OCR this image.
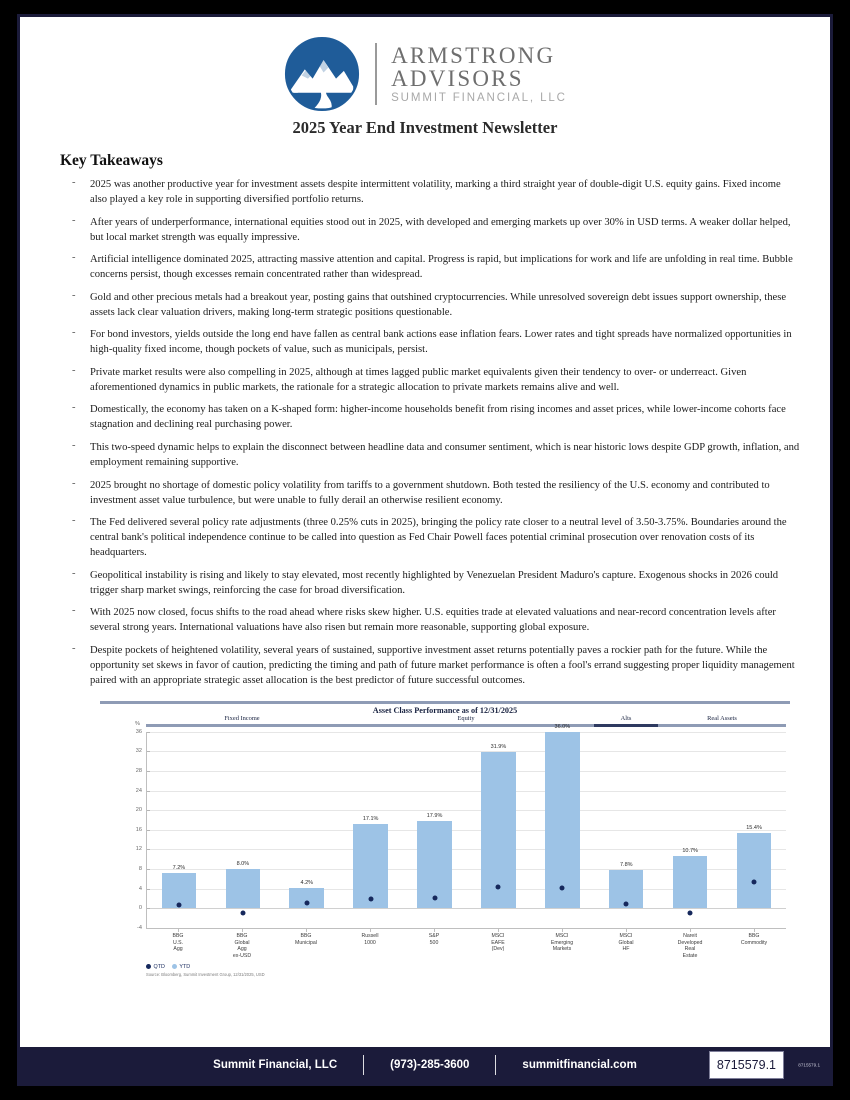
ARMSTRONG
ADVISORS
SUMMIT FINANCIAL, LLC
2025 Year End Investment Newsletter
Key Takeaways
- 2025 was another productive year for investment assets despite intermittent volatility, marking a third straight year of double-digit U.S. equity gains. Fixed income also played a key role in supporting diversified portfolio returns.
- After years of underperformance, international equities stood out in 2025, with developed and emerging markets up over 30% in USD terms. A weaker dollar helped, but local market strength was equally impressive.
- Artificial intelligence dominated 2025, attracting massive attention and capital. Progress is rapid, but implications for work and life are unfolding in real time. Bubble concerns persist, though excesses remain concentrated rather than widespread.
- Gold and other precious metals had a breakout year, posting gains that outshined cryptocurrencies. While unresolved sovereign debt issues support ownership, these assets lack clear valuation drivers, making long-term strategic positions questionable.
- For bond investors, yields outside the long end have fallen as central bank actions ease inflation fears. Lower rates and tight spreads have normalized opportunities in high-quality fixed income, though pockets of value, such as municipals, persist.
- Private market results were also compelling in 2025, although at times lagged public market equivalents given their tendency to over- or underreact. Given aforementioned dynamics in public markets, the rationale for a strategic allocation to private markets remains alive and well.
- Domestically, the economy has taken on a K-shaped form: higher-income households benefit from rising incomes and asset prices, while lower-income cohorts face stagnation and declining real purchasing power.
- This two-speed dynamic helps to explain the disconnect between headline data and consumer sentiment, which is near historic lows despite GDP growth, inflation, and employment remaining supportive.
- 2025 brought no shortage of domestic policy volatility from tariffs to a government shutdown. Both tested the resiliency of the U.S. economy and contributed to investment asset value turbulence, but were unable to fully derail an otherwise resilient economy.
- The Fed delivered several policy rate adjustments (three 0.25% cuts in 2025), bringing the policy rate closer to a neutral level of 3.50-3.75%. Boundaries around the central bank's political independence continue to be called into question as Fed Chair Powell faces potential criminal prosecution over renovation costs of its headquarters.
- Geopolitical instability is rising and likely to stay elevated, most recently highlighted by Venezuelan President Maduro's capture. Exogenous shocks in 2026 could trigger sharp market swings, reinforcing the case for broad diversification.
- With 2025 now closed, focus shifts to the road ahead where risks skew higher. U.S. equities trade at elevated valuations and near-record concentration levels after several strong years. International valuations have also risen but remain more reasonable, supporting global exposure.
- Despite pockets of heightened volatility, several years of sustained, supportive investment asset returns potentially paves a rockier path for the future. While the opportunity set skews in favor of caution, predicting the timing and path of future market performance is often a fool's errand suggesting proper liquidity management paired with an appropriate strategic asset allocation is the best predictor of future successful outcomes.
Asset Class Performance as of 12/31/2025
Fixed Income	Equity	Alts	Real Assets
%
-4
0
4
8
12
16
20
24
28
32
36
7.2%
8.0%
4.2%
17.1%
17.9%
31.9%
36.0%
7.8%
10.7%
15.4%
BBG
U.S.
Agg
BBG
Global
Agg
ex-USD
BBG
Municipal
Russell
1000
S&P
500
MSCI
EAFE
(Dev)
MSCI
Emerging
Markets
MSCI
Global
HF
Nareit
Developed
Real
Estate
BBG
Commodity
QTD	YTD
Source: Bloomberg, Summit Investment Group, 12/31/2025, USD
Summit Financial, LLC	(973)-285-3600	summitfinancial.com	8715579.1	8715579.1
